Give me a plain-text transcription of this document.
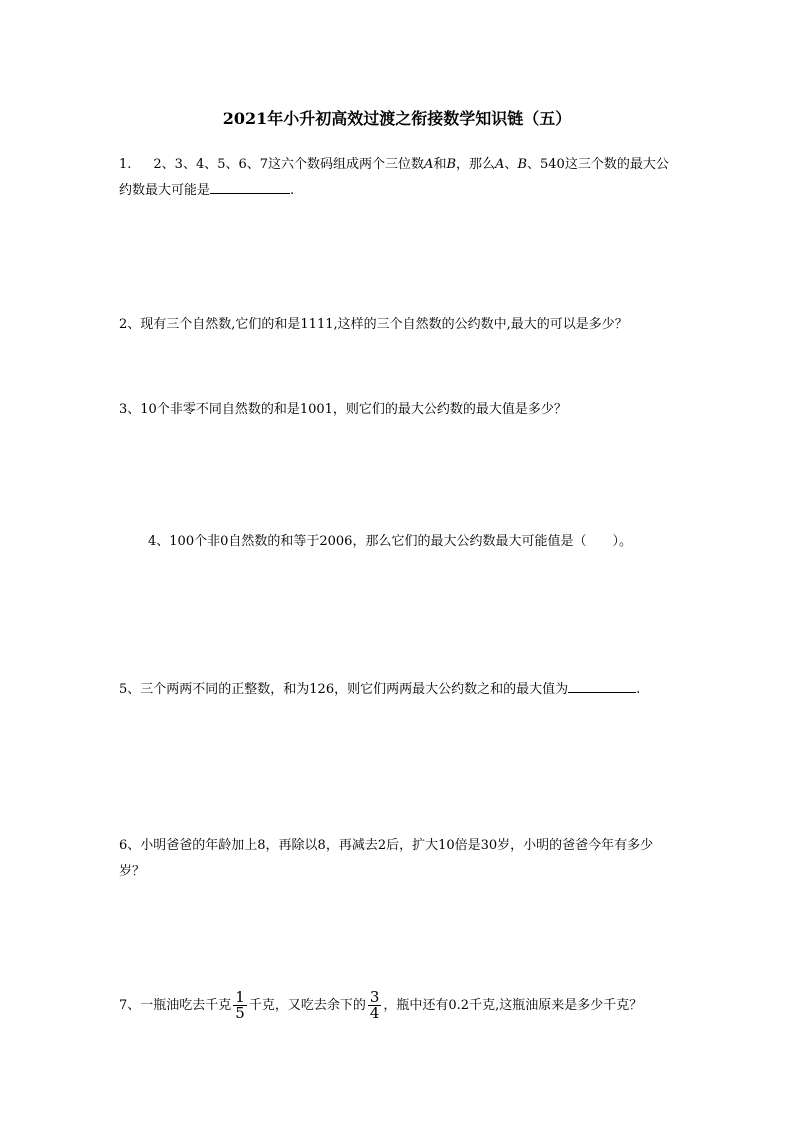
2021年小升初高效过渡之衔接数学知识链（五）
1. 2、3、4、5、6、7这六个数码组成两个三位数A和B，那么A、B、540这三个数的最大公约数最大可能是	.
2、现有三个自然数,它们的和是1111,这样的三个自然数的公约数中,最大的可以是多少？
3、10个非零不同自然数的和是1001，则它们的最大公约数的最大值是多少？
4、100个非0自然数的和等于2006，那么它们的最大公约数最大可能值是（　　）。
5、三个两两不同的正整数，和为126，则它们两两最大公约数之和的最大值为	.
6、小明爸爸的年龄加上8，再除以8，再减去2后，扩大10倍是30岁，小明的爸爸今年有多少岁？
7、一瓶油吃去千克 $\frac{1}{5}$ 千克，又吃去余下的 $\frac{3}{4}$ ，瓶中还有0.2千克,这瓶油原来是多少千克？
